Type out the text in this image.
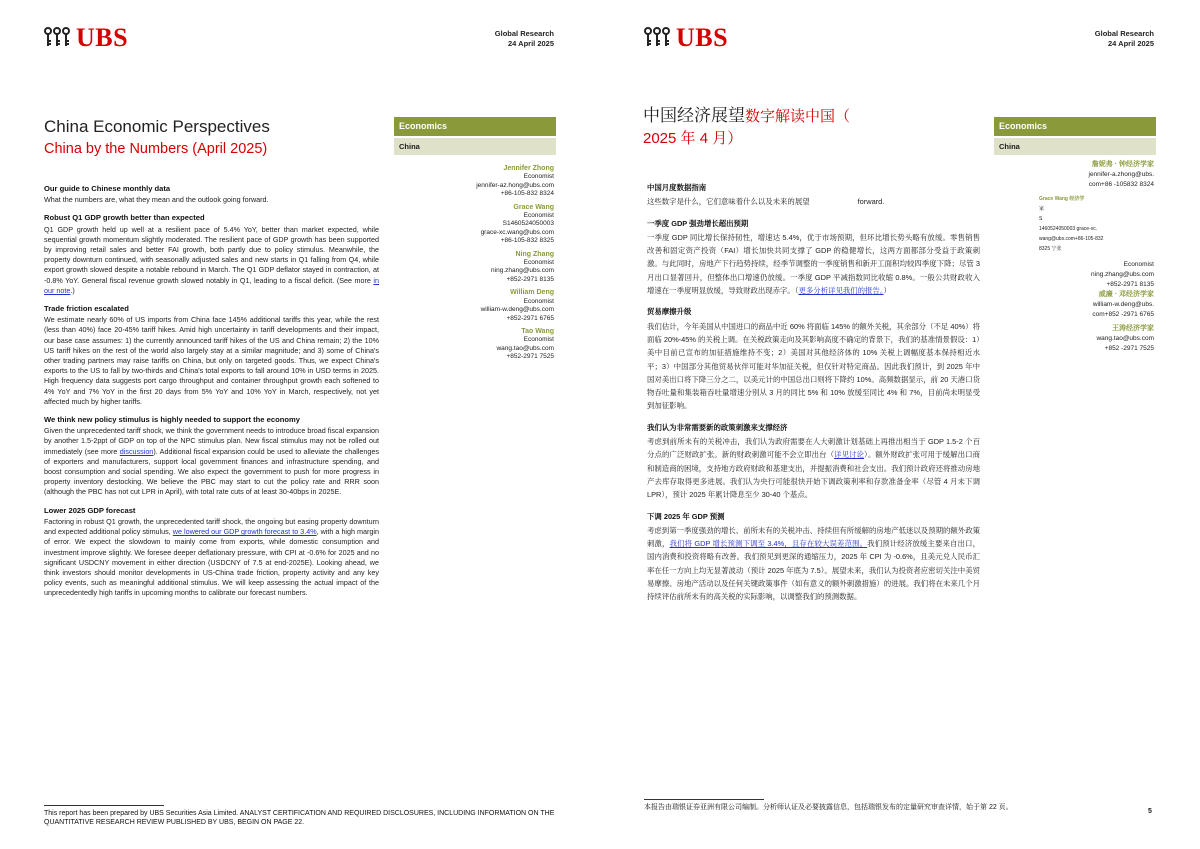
UBS	Global Research
24 April 2025
China Economic Perspectives
China by the Numbers (April 2025)
Economics
China
Jennifer Zhong
Economist
jennifer-az.hong@ubs.com
+86-105-832 8324
Grace Wang
Economist
S1460524050003
grace-xc.wang@ubs.com
+86-105-832 8325
Ning Zhang
Economist
ning.zhang@ubs.com
+852-2971 8135
William Deng
Economist
william-w.deng@ubs.com
+852-2971 6765
Tao Wang
Economist
wang.tao@ubs.com
+852-2971 7525
Our guide to Chinese monthly data

What the numbers are, what they mean and the outlook going forward.

Robust Q1 GDP growth better than expected

Q1 GDP growth held up well at a resilient pace of 5.4% YoY, better than market expected, while sequential growth momentum slightly moderated. The resilient pace of GDP growth has been supported by improving retail sales and better FAI growth, both partly due to policy stimulus. Meanwhile, the property downturn continued, with seasonally adjusted sales and new starts in Q1 falling from Q4, while export growth slowed despite a notable rebound in March. The Q1 GDP deflator stayed in contraction, at -0.8% YoY. General fiscal revenue growth slowed notably in Q1, leading to a fiscal deficit. (See more in our note.)

Trade friction escalated

We estimate nearly 60% of US imports from China face 145% additional tariffs this year, while the rest (less than 40%) face 20-45% tariff hikes. Amid high uncertainty in tariff developments and their impact, our base case assumes: 1) the currently announced tariff hikes of the US and China remain; 2) the 10% US tariff hikes on the rest of the world also largely stay at a similar magnitude; and 3) some of China's other trading partners may raise tariffs on China, but only on targeted goods. Thus, we expect China's exports to the US to fall by two-thirds and China's total exports to fall around 10% in USD terms in 2025. High frequency data suggests port cargo throughput and container throughput growth each softened to 4% YoY and 7% YoY in the first 20 days from 5% YoY and 10% YoY in March, respectively, not yet affected much by higher tariffs.

We think new policy stimulus is highly needed to support the economy

Given the unprecedented tariff shock, we think the government needs to introduce broad fiscal expansion by another 1.5-2ppt of GDP on top of the NPC stimulus plan. New fiscal stimulus may not be rolled out immediately (see more discussion). Additional fiscal expansion could be used to alleviate the challenges of exporters and manufacturers, support local government finances and infrastructure spending, and boost consumption and social spending. We also expect the government to push for more progress in property inventory destocking. We believe the PBC may start to cut the policy rate and RRR soon (although the PBC has not cut LPR in April), with total rate cuts of at least 30-40bps in 2025E.

Lower 2025 GDP forecast

Factoring in robust Q1 growth, the unprecedented tariff shock, the ongoing but easing property downturn and expected additional policy stimulus, we lowered our GDP growth forecast to 3.4%, with a high margin of error. We expect the slowdown to mainly come from exports, while domestic consumption and investment improve slightly. We foresee deeper deflationary pressure, with CPI at -0.6% for 2025 and no significant USDCNY movement in either direction (USDCNY of 7.5 at end-2025E). Looking ahead, we think investors should monitor developments in US-China trade friction, property activity and any key policy events, such as meaningful additional stimulus. We will keep assessing the actual impact of the unprecedentedly high tariffs in upcoming months to calibrate our forecast numbers.

This report has been prepared by UBS Securities Asia Limited. ANALYST CERTIFICATION AND REQUIRED DISCLOSURES, INCLUDING INFORMATION ON THE QUANTITATIVE RESEARCH REVIEW PUBLISHED BY UBS, BEGIN ON PAGE 22.
UBS	Global Research
24 April 2025
中国经济展望数字解读中国（
2025 年 4 月）
Economics
China
詹妮弗 · 钟经济学家
jennifer-a.zhong@ubs.
com+86 -105832 8324
Grace Wang 经济学
家
S
1460524050003 grace-xc.
wang@ubs.com+86-105-832
8325 宁张
Economist
ning.zhang@ubs.com
+852-2971 8135
威廉 · 邓经济学家
william-w.deng@ubs.
com+852 -2971 6765
王涛经济学家
wang.tao@ubs.com
+852 -2971 7525
中国月度数据指南

这些数字是什么，它们意味着什么以及未来的展望	forward.

一季度 GDP 强劲增长超出预期

一季度 GDP 同比增长保持韧性，增速达 5.4%，优于市场预期，但环比增长势头略有放缓。零售销售改善和固定资产投资（FAI）增长加快共同支撑了 GDP 的稳健增长，这两方面都部分受益于政策刺激。与此同时，房地产下行趋势持续，经季节调整的一季度销售和新开工面积均较四季度下降；尽管 3 月出口显著回升，但整体出口增速仍放缓。一季度 GDP 平减指数同比收缩 0.8%。一般公共财政收入增速在一季度明显放缓，导致财政出现赤字。（更多分析详见我们的报告。）

贸易摩擦升级

我们估计，今年美国从中国进口的商品中近 60% 将面临 145% 的额外关税，其余部分（不足 40%）将面临 20%-45% 的关税上调。在关税政策走向及其影响高度不确定的背景下，我们的基准情景假设：1）美中目前已宣布的加征措施维持不变；2）美国对其他经济体的 10% 关税上调幅度基本保持相近水平；3）中国部分其他贸易伙伴可能对华加征关税，但仅针对特定商品。因此我们预计，到 2025 年中国对美出口将下降三分之二，以美元计的中国总出口则将下降约 10%。高频数据显示，前 20 天港口货物吞吐量和集装箱吞吐量增速分别从 3 月的同比 5% 和 10% 放缓至同比 4% 和 7%，目前尚未明显受到加征影响。

我们认为非常需要新的政策刺激来支撑经济

考虑到前所未有的关税冲击，我们认为政府需要在人大刺激计划基础上再推出相当于 GDP 1.5-2 个百分点的广泛财政扩张。新的财政刺激可能不会立即出台（详见讨论）。额外财政扩张可用于缓解出口商和制造商的困境，支持地方政府财政和基建支出，并提振消费和社会支出。我们预计政府还将推动房地产去库存取得更多进展。我们认为央行可能很快开始下调政策利率和存款准备金率（尽管 4 月未下调 LPR），预计 2025 年累计降息至少 30-40 个基点。

下调 2025 年 GDP 预测

考虑到第一季度强劲的增长、前所未有的关税冲击、持续但有所缓解的房地产低迷以及预期的额外政策刺激，我们将 GDP 增长预测下调至 3.4%，且存在较大误差范围。我们预计经济放缓主要来自出口，国内消费和投资将略有改善。我们预见到更深的通缩压力，2025 年 CPI 为 -0.6%，且美元兑人民币汇率在任一方向上均无显著波动（预计 2025 年底为 7.5）。展望未来，我们认为投资者应密切关注中美贸易摩擦、房地产活动以及任何关键政策事件（如有意义的额外刺激措施）的进展。我们将在未来几个月持续评估前所未有的高关税的实际影响，以调整我们的预测数据。

本报告由瑞银证券亚洲有限公司编制。分析师认证及必要披露信息，包括瑞银发布的定量研究审查详情，始于第 22 页。
5
